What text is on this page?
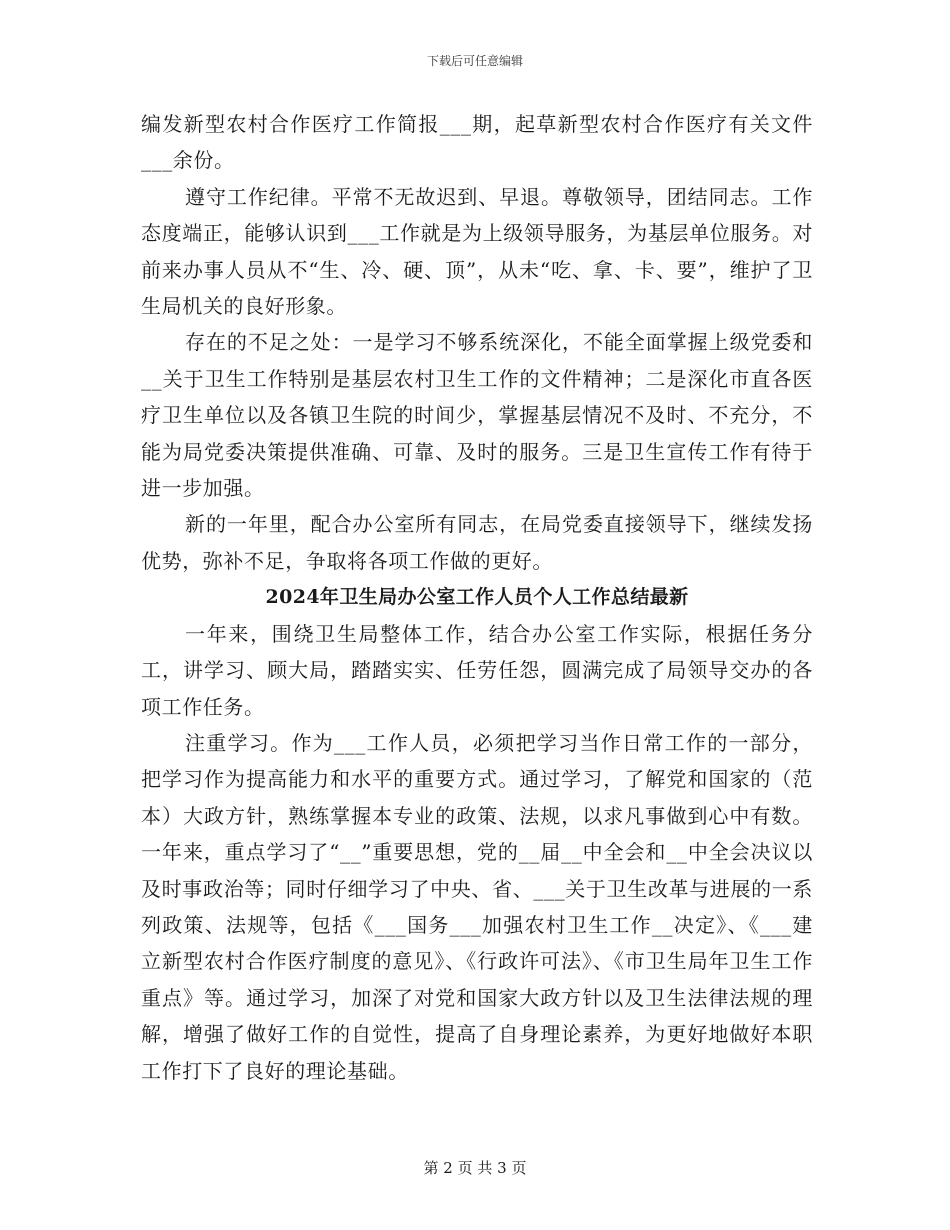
下载后可任意编辑

编发新型农村合作医疗工作简报___期，起草新型农村合作医疗有关文件___余份。

遵守工作纪律。平常不无故迟到、早退。尊敬领导，团结同志。工作态度端正，能够认识到___工作就是为上级领导服务，为基层单位服务。对前来办事人员从不“生、冷、硬、顶”，从未“吃、拿、卡、要”，维护了卫生局机关的良好形象。

存在的不足之处：一是学习不够系统深化，不能全面掌握上级党委和__关于卫生工作特别是基层农村卫生工作的文件精神；二是深化市直各医疗卫生单位以及各镇卫生院的时间少，掌握基层情况不及时、不充分，不能为局党委决策提供准确、可靠、及时的服务。三是卫生宣传工作有待于进一步加强。

新的一年里，配合办公室所有同志，在局党委直接领导下，继续发扬优势，弥补不足，争取将各项工作做的更好。

2024年卫生局办公室工作人员个人工作总结最新

一年来，围绕卫生局整体工作，结合办公室工作实际，根据任务分工，讲学习、顾大局，踏踏实实、任劳任怨，圆满完成了局领导交办的各项工作任务。

注重学习。作为___工作人员，必须把学习当作日常工作的一部分，把学习作为提高能力和水平的重要方式。通过学习，了解党和国家的（范本）大政方针，熟练掌握本专业的政策、法规，以求凡事做到心中有数。一年来，重点学习了“__”重要思想，党的__届__中全会和__中全会决议以及时事政治等；同时仔细学习了中央、省、___关于卫生改革与进展的一系列政策、法规等，包括《___国务___加强农村卫生工作__决定》、《___建立新型农村合作医疗制度的意见》、《行政许可法》、《市卫生局年卫生工作重点》等。通过学习，加深了对党和国家大政方针以及卫生法律法规的理解，增强了做好工作的自觉性，提高了自身理论素养，为更好地做好本职工作打下了良好的理论基础。

第 2 页 共 3 页
